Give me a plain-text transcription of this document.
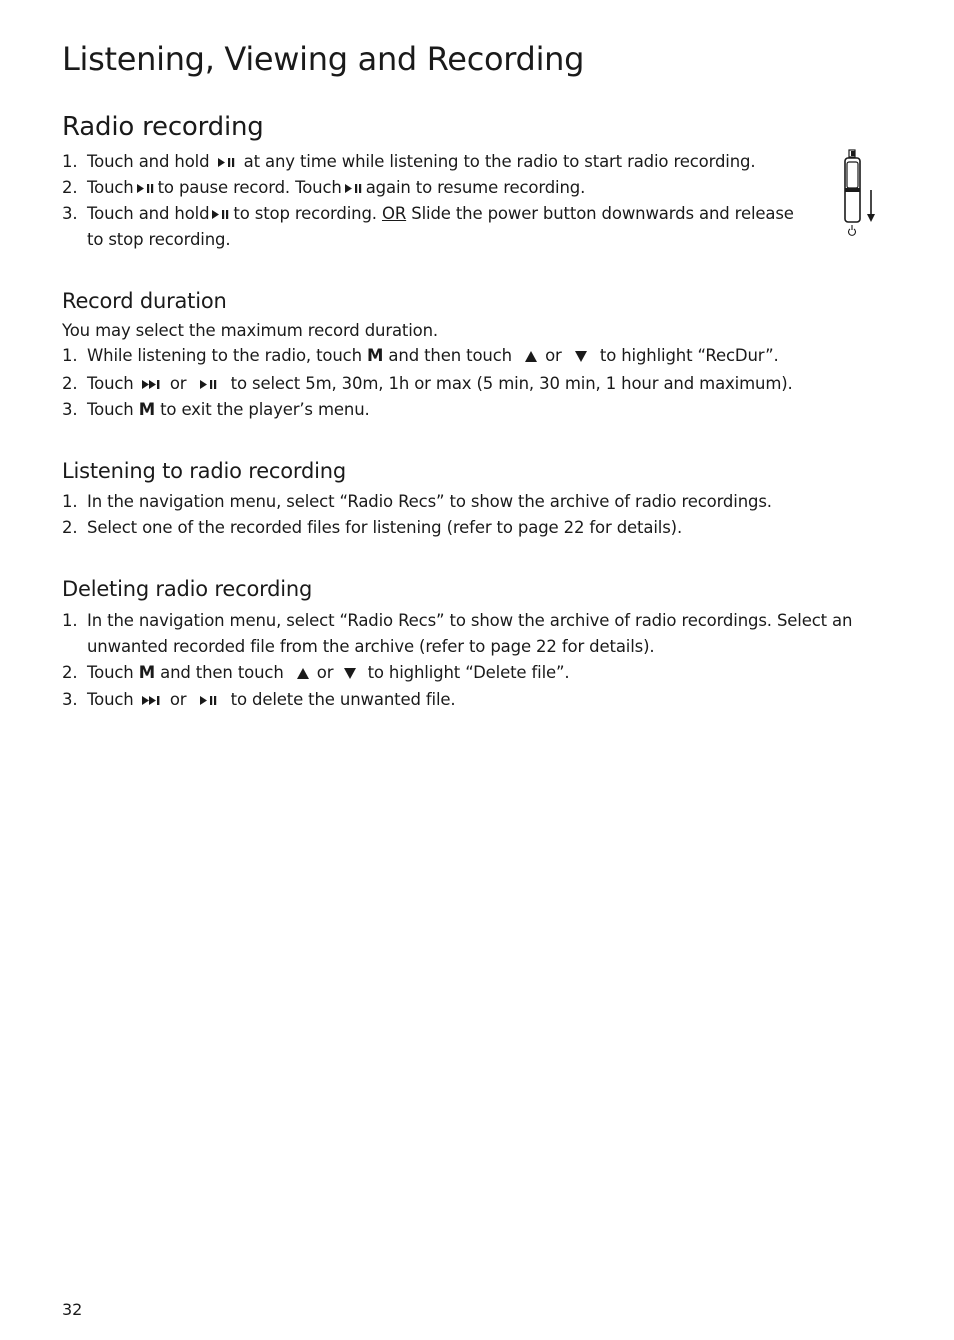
Listening, Viewing and Recording
Radio recording
1. Touch and hold at any time while listening to the radio to start radio recording.
2. Touch to pause record. Touch again to resume recording.
3. Touch and hold to stop recording. OR Slide the power button downwards and release
to stop recording.
Record duration
You may select the maximum record duration.
1. While listening to the radio, touch M and then touch or to highlight “RecDur”.
2. Touch or	to select 5m, 30m, 1h or max (5 min, 30 min, 1 hour and maximum).
3. Touch M to exit the player’s menu.
Listening to radio recording
1. In the navigation menu, select “Radio Recs” to show the archive of radio recordings.
2. Select one of the recorded files for listening (refer to page 22 for details).
Deleting radio recording
1. In the navigation menu, select “Radio Recs” to show the archive of radio recordings. Select an
unwanted recorded file from the archive (refer to page 22 for details).
2. Touch M and then touch or to highlight “Delete file”.
3. Touch or	to delete the unwanted file.
32
